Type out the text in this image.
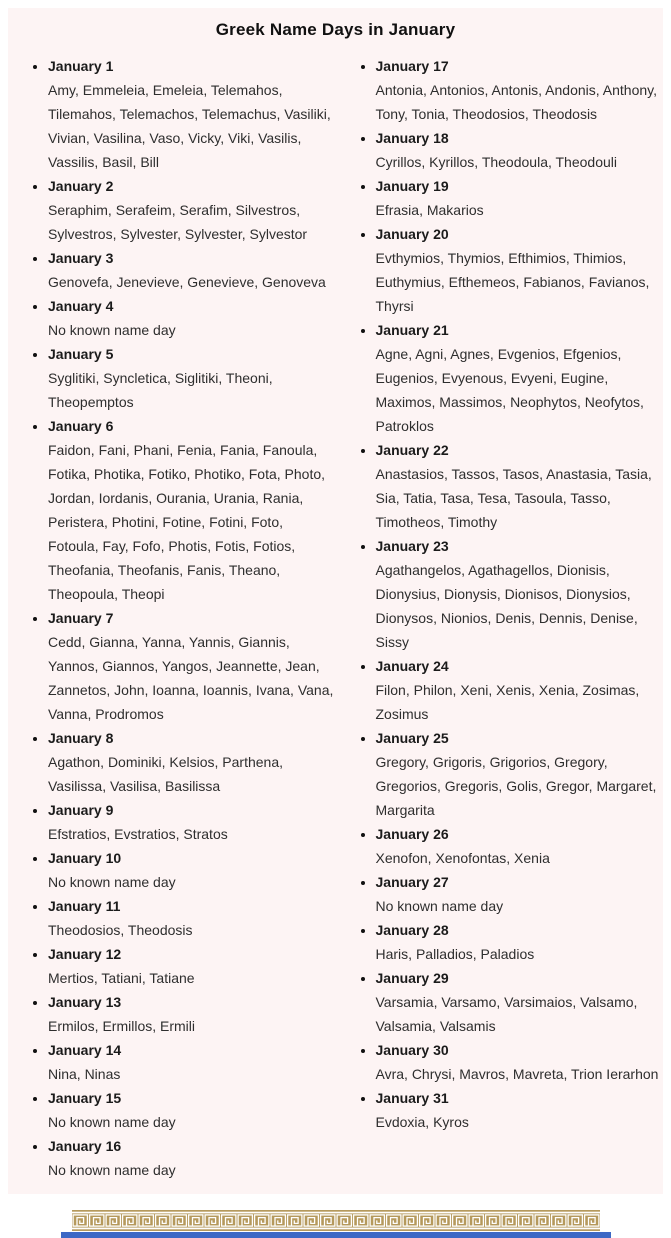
Greek Name Days in January
• January 1
Amy, Emmeleia, Emeleia, Telemahos, Tilemahos, Telemachos, Telemachus, Vasiliki, Vivian, Vasilina, Vaso, Vicky, Viki, Vasilis, Vassilis, Basil, Bill
• January 2
Seraphim, Serafeim, Serafim, Silvestros, Sylvestros, Sylvester, Sylvester, Sylvestor
• January 3
Genovefa, Jenevieve, Genevieve, Genoveva
• January 4
No known name day
• January 5
Syglitiki, Syncletica, Siglitiki, Theoni, Theopemptos
• January 6
Faidon, Fani, Phani, Fenia, Fania, Fanoula, Fotika, Photika, Fotiko, Photiko, Fota, Photo, Jordan, Iordanis, Ourania, Urania, Rania, Peristera, Photini, Fotine, Fotini, Foto, Fotoula, Fay, Fofo, Photis, Fotis, Fotios, Theofania, Theofanis, Fanis, Theano, Theopoula, Theopi
• January 7
Cedd, Gianna, Yanna, Yannis, Giannis, Yannos, Giannos, Yangos, Jeannette, Jean, Zannetos, John, Ioanna, Ioannis, Ivana, Vana, Vanna, Prodromos
• January 8
Agathon, Dominiki, Kelsios, Parthena, Vasilissa, Vasilisa, Basilissa
• January 9
Efstratios, Evstratios, Stratos
• January 10
No known name day
• January 11
Theodosios, Theodosis
• January 12
Mertios, Tatiani, Tatiane
• January 13
Ermilos, Ermillos, Ermili
• January 14
Nina, Ninas
• January 15
No known name day
• January 16
No known name day
• January 17
Antonia, Antonios, Antonis, Andonis, Anthony, Tony, Tonia, Theodosios, Theodosis
• January 18
Cyrillos, Kyrillos, Theodoula, Theodouli
• January 19
Efrasia, Makarios
• January 20
Evthymios, Thymios, Efthimios, Thimios, Euthymius, Efthemeos, Fabianos, Favianos, Thyrsi
• January 21
Agne, Agni, Agnes, Evgenios, Efgenios, Eugenios, Evyenous, Evyeni, Eugine, Maximos, Massimos, Neophytos, Neofytos, Patroklos
• January 22
Anastasios, Tassos, Tasos, Anastasia, Tasia, Sia, Tatia, Tasa, Tesa, Tasoula, Tasso, Timotheos, Timothy
• January 23
Agathangelos, Agathagellos, Dionisis, Dionysius, Dionysis, Dionisos, Dionysios, Dionysos, Nionios, Denis, Dennis, Denise, Sissy
• January 24
Filon, Philon, Xeni, Xenis, Xenia, Zosimas, Zosimus
• January 25
Gregory, Grigoris, Grigorios, Gregory, Gregorios, Gregoris, Golis, Gregor, Margaret, Margarita
• January 26
Xenofon, Xenofontas, Xenia
• January 27
No known name day
• January 28
Haris, Palladios, Paladios
• January 29
Varsamia, Varsamo, Varsimaios, Valsamo, Valsamia, Valsamis
• January 30
Avra, Chrysi, Mavros, Mavreta, Trion Ierarhon
• January 31
Evdoxia, Kyros
